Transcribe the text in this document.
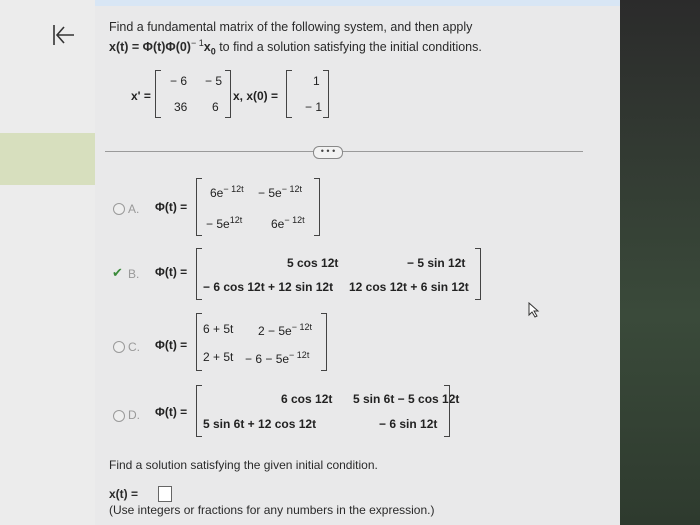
Find a fundamental matrix of the following system, and then apply
$x(t) = \Phi(t)\Phi(0)^{- 1}x_0$ to find a solution satisfying the initial conditions.
x' =
− 6 − 5
36 6
x, x(0) =
1
− 1
• • •
A. Φ(t) =
$6e^{- 12t} - 5e^{- 12t}$
− $5e^{12t}$ $6e^{- 12t}$
✔ B. Φ(t) =
5 cos 12t	− 5 sin 12t
− 6 cos 12t + 12 sin 12t 12 cos 12t + 6 sin 12t
C. Φ(t) =
6 + 5t $2 - 5e^{- 12t}$
$2 + 5t - 6 - 5e^{- 12t}$
D. Φ(t) =
6 cos 12t 5 sin 6t − 5 cos 12t
5 sin 6t + 12 cos 12t	− 6 sin 12t
Find a solution satisfying the given initial condition.
x(t) =
(Use integers or fractions for any numbers in the expression.)
